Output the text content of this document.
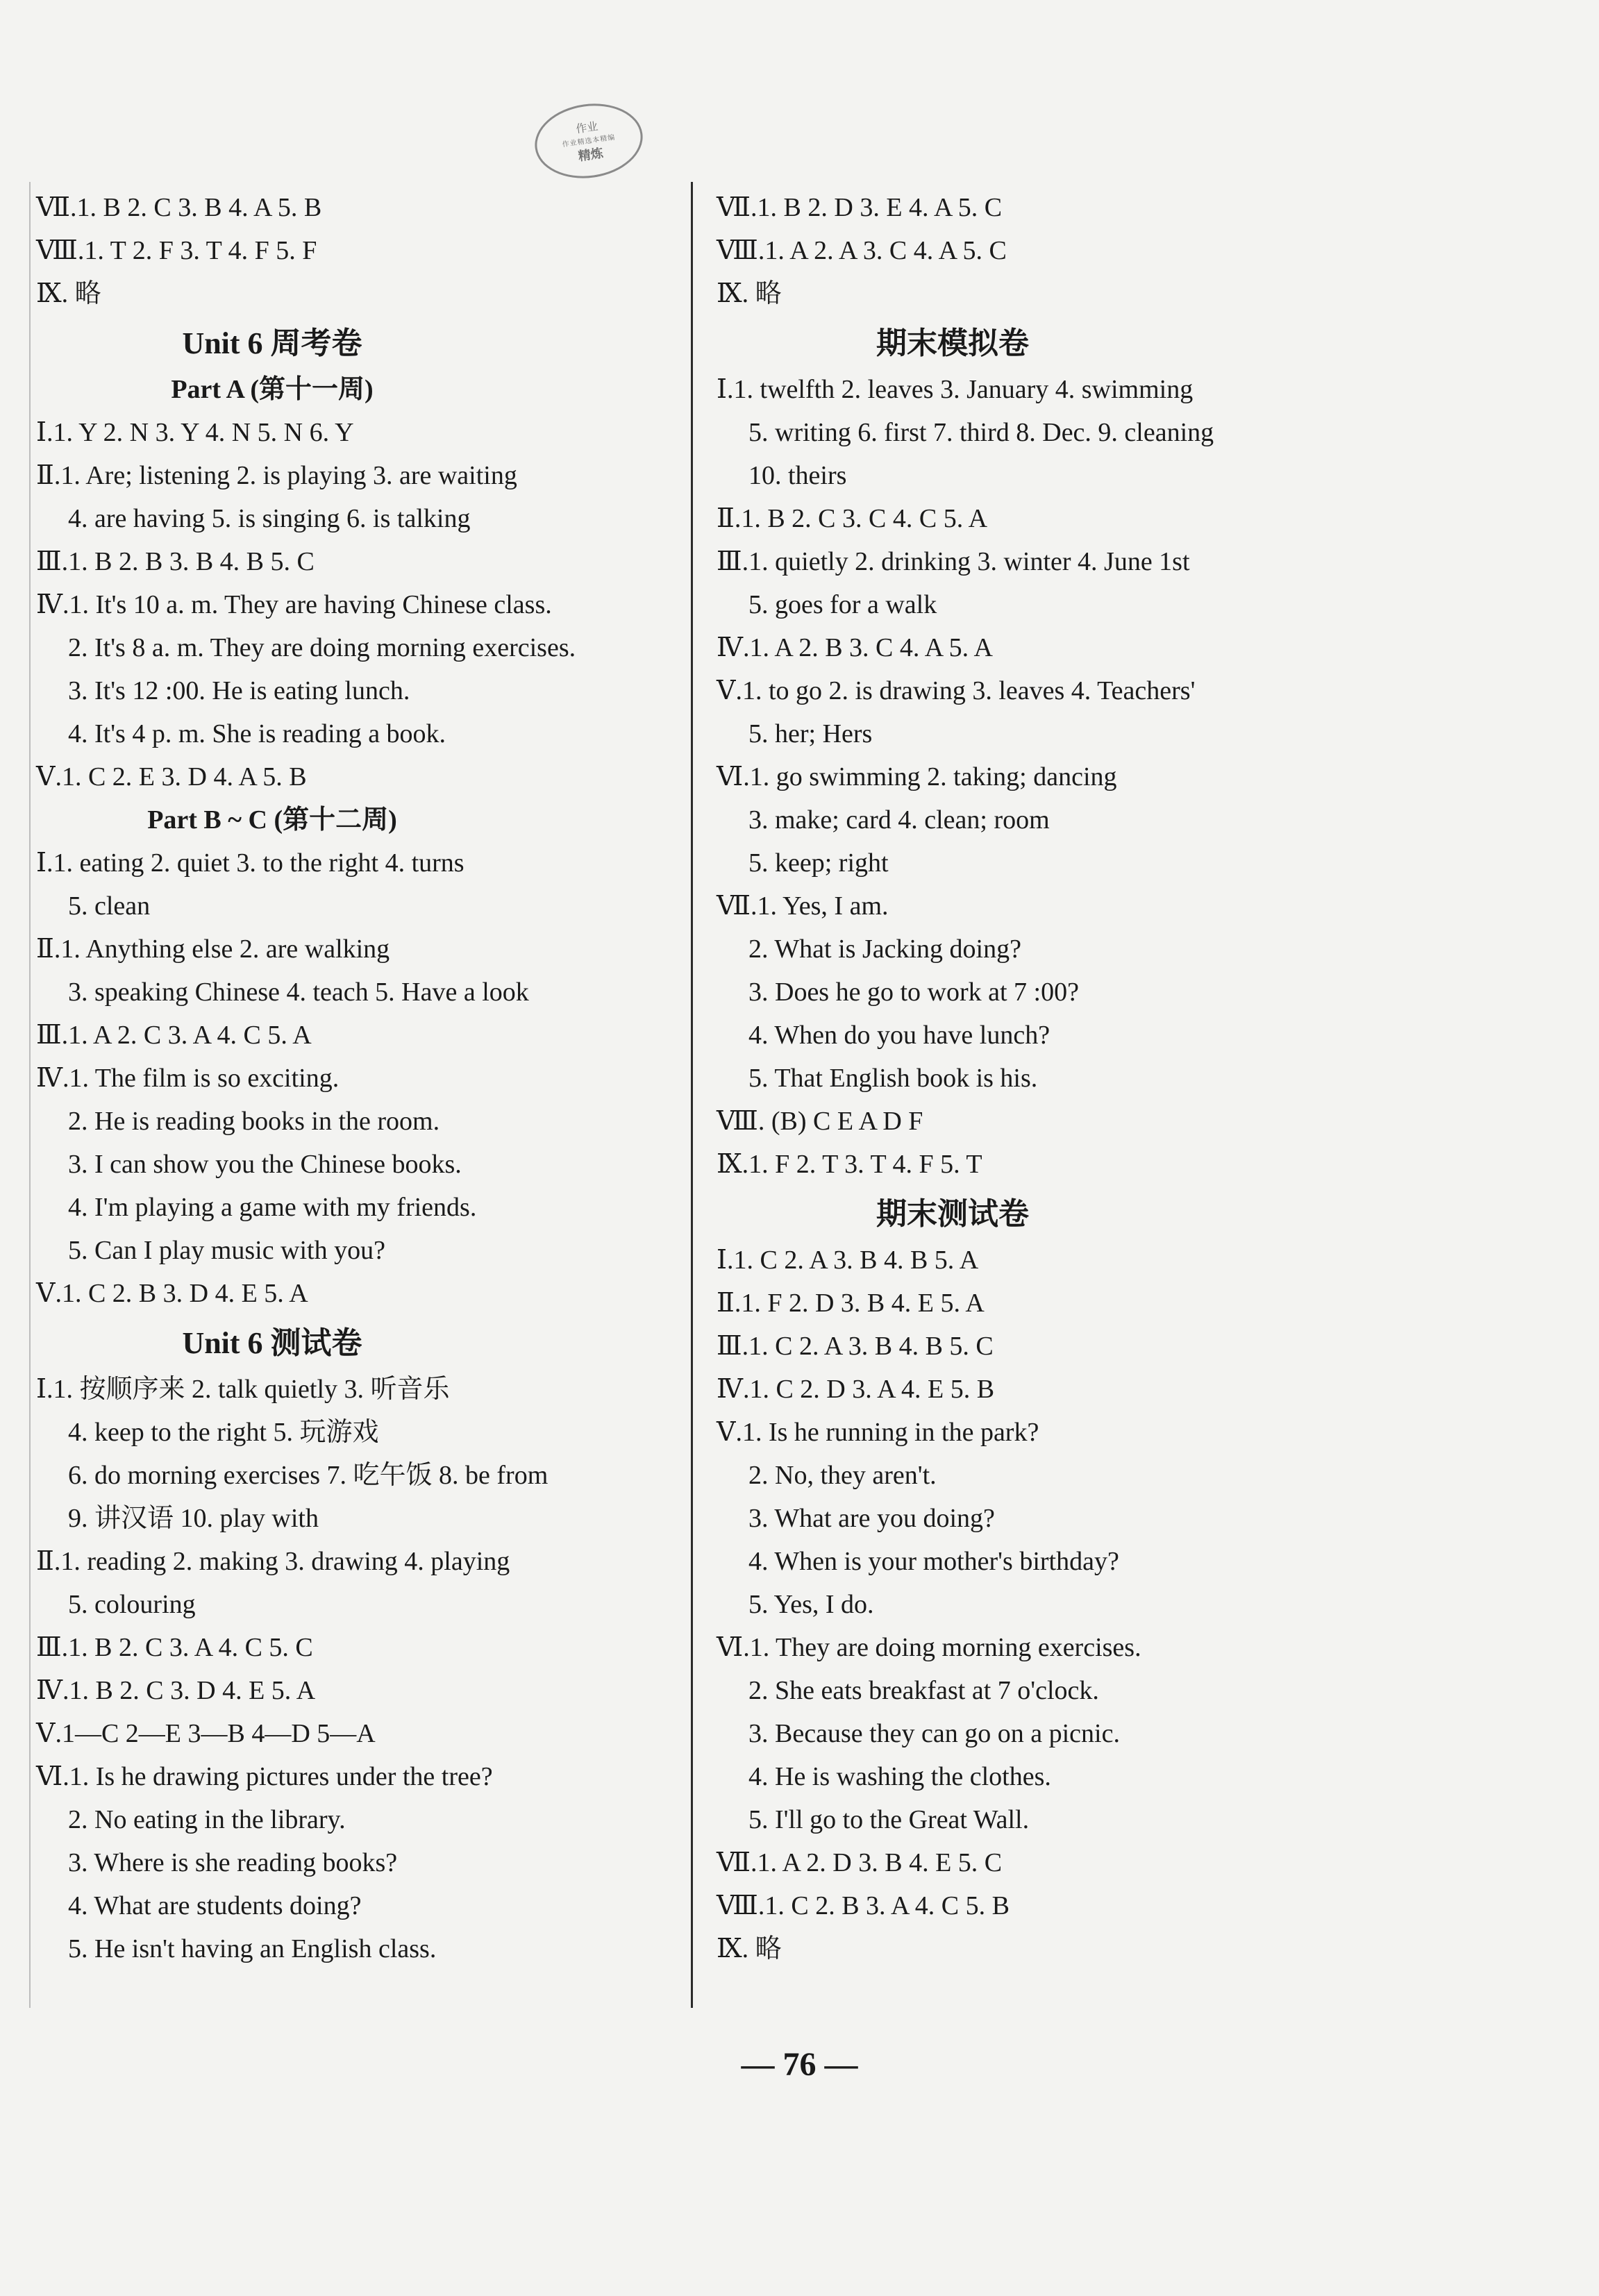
作业
作业精选本精编
精炼
Ⅶ.1. B 2. C 3. B 4. A 5. B
Ⅷ.1. T 2. F 3. T 4. F 5. F
Ⅸ. 略
Unit 6 周考卷
Part A (第十一周)
Ⅰ.1. Y 2. N 3. Y 4. N 5. N 6. Y
Ⅱ.1. Are; listening 2. is playing 3. are waiting
4. are having 5. is singing 6. is talking
Ⅲ.1. B 2. B 3. B 4. B 5. C
Ⅳ.1. It's 10 a. m. They are having Chinese class.
2. It's 8 a. m. They are doing morning exercises.
3. It's 12 :00. He is eating lunch.
4. It's 4 p. m. She is reading a book.
Ⅴ.1. C 2. E 3. D 4. A 5. B
Part B ~ C (第十二周)
Ⅰ.1. eating 2. quiet 3. to the right 4. turns
5. clean
Ⅱ.1. Anything else 2. are walking
3. speaking Chinese 4. teach 5. Have a look
Ⅲ.1. A 2. C 3. A 4. C 5. A
Ⅳ.1. The film is so exciting.
2. He is reading books in the room.
3. I can show you the Chinese books.
4. I'm playing a game with my friends.
5. Can I play music with you?
Ⅴ.1. C 2. B 3. D 4. E 5. A
Unit 6 测试卷
Ⅰ.1. 按顺序来 2. talk quietly 3. 听音乐
4. keep to the right 5. 玩游戏
6. do morning exercises 7. 吃午饭 8. be from
9. 讲汉语 10. play with
Ⅱ.1. reading 2. making 3. drawing 4. playing
5. colouring
Ⅲ.1. B 2. C 3. A 4. C 5. C
Ⅳ.1. B 2. C 3. D 4. E 5. A
Ⅴ.1—C 2—E 3—B 4—D 5—A
Ⅵ.1. Is he drawing pictures under the tree?
2. No eating in the library.
3. Where is she reading books?
4. What are students doing?
5. He isn't having an English class.
Ⅶ.1. B 2. D 3. E 4. A 5. C
Ⅷ.1. A 2. A 3. C 4. A 5. C
Ⅸ. 略
期末模拟卷
Ⅰ.1. twelfth 2. leaves 3. January 4. swimming
5. writing 6. first 7. third 8. Dec. 9. cleaning
10. theirs
Ⅱ.1. B 2. C 3. C 4. C 5. A
Ⅲ.1. quietly 2. drinking 3. winter 4. June 1st
5. goes for a walk
Ⅳ.1. A 2. B 3. C 4. A 5. A
Ⅴ.1. to go 2. is drawing 3. leaves 4. Teachers'
5. her; Hers
Ⅵ.1. go swimming 2. taking; dancing
3. make; card 4. clean; room
5. keep; right
Ⅶ.1. Yes, I am.
2. What is Jacking doing?
3. Does he go to work at 7 :00?
4. When do you have lunch?
5. That English book is his.
Ⅷ. (B) C E A D F
Ⅸ.1. F 2. T 3. T 4. F 5. T
期末测试卷
Ⅰ.1. C 2. A 3. B 4. B 5. A
Ⅱ.1. F 2. D 3. B 4. E 5. A
Ⅲ.1. C 2. A 3. B 4. B 5. C
Ⅳ.1. C 2. D 3. A 4. E 5. B
Ⅴ.1. Is he running in the park?
2. No, they aren't.
3. What are you doing?
4. When is your mother's birthday?
5. Yes, I do.
Ⅵ.1. They are doing morning exercises.
2. She eats breakfast at 7 o'clock.
3. Because they can go on a picnic.
4. He is washing the clothes.
5. I'll go to the Great Wall.
Ⅶ.1. A 2. D 3. B 4. E 5. C
Ⅷ.1. C 2. B 3. A 4. C 5. B
Ⅸ. 略
— 76 —
